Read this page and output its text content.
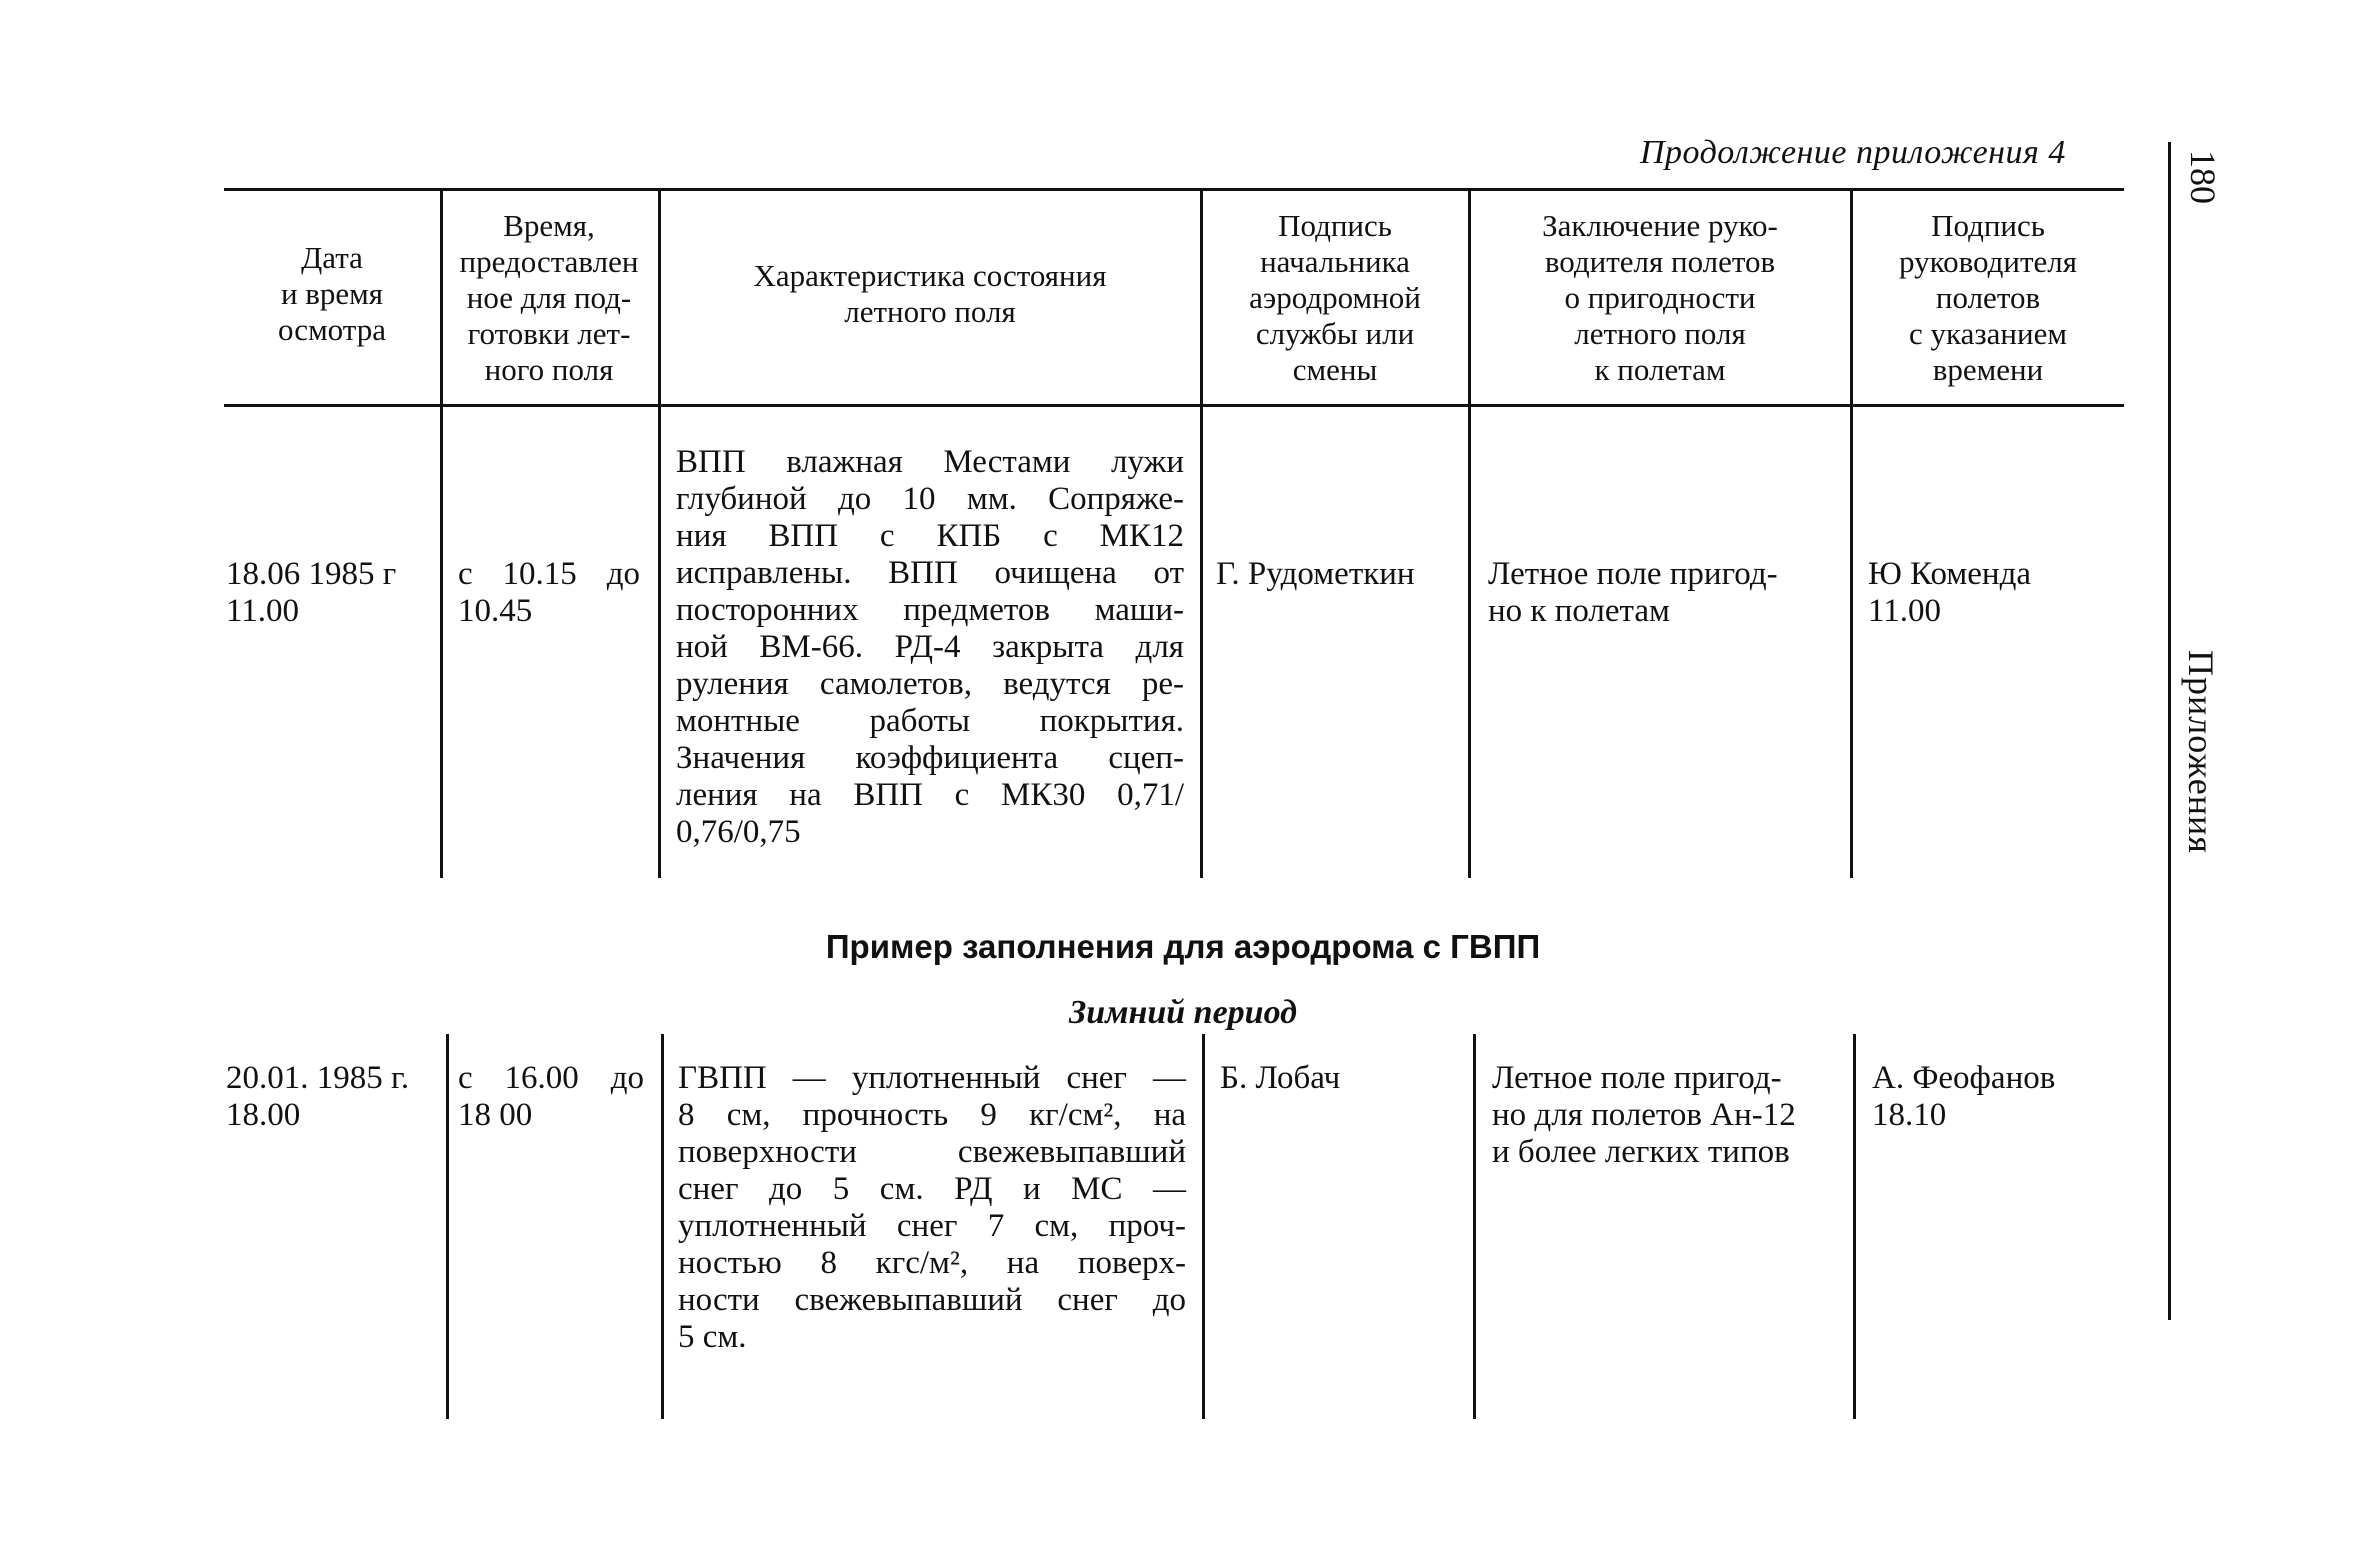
Продолжение приложения 4	180
Приложения
Дата
и время
осмотра
Время,
предоставлен
ное для под-
готовки лет-
ного поля
Характеристика состояния
летного поля
Подпись
начальника
аэродромной
службы или
смены
Заключение руко-
водителя полетов
о пригодности
летного поля
к полетам
Подпись
руководителя
полетов
с указанием
времени
18.06 1985 г
11.00
с 10.15 до
10.45
ВПП влажная Местами лужи
глубиной до 10 мм. Сопряже-
ния ВПП с КПБ с МК12
исправлены. ВПП очищена от
посторонних предметов маши-
ной ВМ-66. РД-4 закрыта для
руления самолетов, ведутся ре-
монтные работы покрытия.
Значения коэффициента сцеп-
ления на ВПП с МК30 0,71/
0,76/0,75
Г. Рудометкин Летное поле пригод-
но к полетам
Ю Коменда
11.00
Пример заполнения для аэродрома с ГВПП
Зимний период
20.01. 1985 г.
18.00
с 16.00 до
18 00
ГВПП — уплотненный снег —
8 см, прочность 9 кг/см², на
поверхности свежевыпавший
снег до 5 см. РД и МС —
уплотненный снег 7 см, проч-
ностью 8 кгс/м², на поверх-
ности свежевыпавший снег до
5 см.
Б. Лобач	Летное поле пригод-
но для полетов Ан-12
и более легких типов
А. Феофанов
18.10
